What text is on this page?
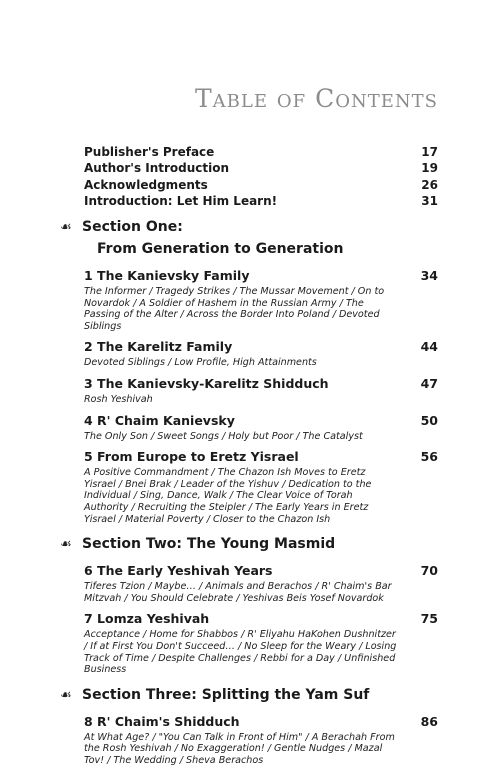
Table of Contents
Publisher's Preface	17
Author's Introduction	19
Acknowledgments	26
Introduction: Let Him Learn!	31
☙ Section One:
From Generation to Generation
1 The Kanievsky Family	34
The Informer / Tragedy Strikes / The Mussar Movement / On to Novardok / A Soldier of Hashem in the Russian Army / The Passing of the Alter / Across the Border Into Poland / Devoted Siblings
2 The Karelitz Family	44
Devoted Siblings / Low Profile, High Attainments
3 The Kanievsky-Karelitz Shidduch	47
Rosh Yeshivah
4 R' Chaim Kanievsky	50
The Only Son / Sweet Songs / Holy but Poor / The Catalyst
5 From Europe to Eretz Yisrael	56
A Positive Commandment / The Chazon Ish Moves to Eretz Yisrael / Bnei Brak / Leader of the Yishuv / Dedication to the Individual / Sing, Dance, Walk / The Clear Voice of Torah Authority / Recruiting the Steipler / The Early Years in Eretz Yisrael / Material Poverty / Closer to the Chazon Ish
☙ Section Two: The Young Masmid
6 The Early Yeshivah Years	70
Tiferes Tzion / Maybe… / Animals and Berachos / R' Chaim's Bar Mitzvah / You Should Celebrate / Yeshivas Beis Yosef Novardok
7 Lomza Yeshivah	75
Acceptance / Home for Shabbos / R' Eliyahu HaKohen Dushnitzer / If at First You Don't Succeed… / No Sleep for the Weary / Losing Track of Time / Despite Challenges / Rebbi for a Day / Unfinished Business
☙ Section Three: Splitting the Yam Suf
8 R' Chaim's Shidduch	86
At What Age? / "You Can Talk in Front of Him" / A Berachah From the Rosh Yeshivah / No Exaggeration! / Gentle Nudges / Mazal Tov! / The Wedding / Sheva Berachos
